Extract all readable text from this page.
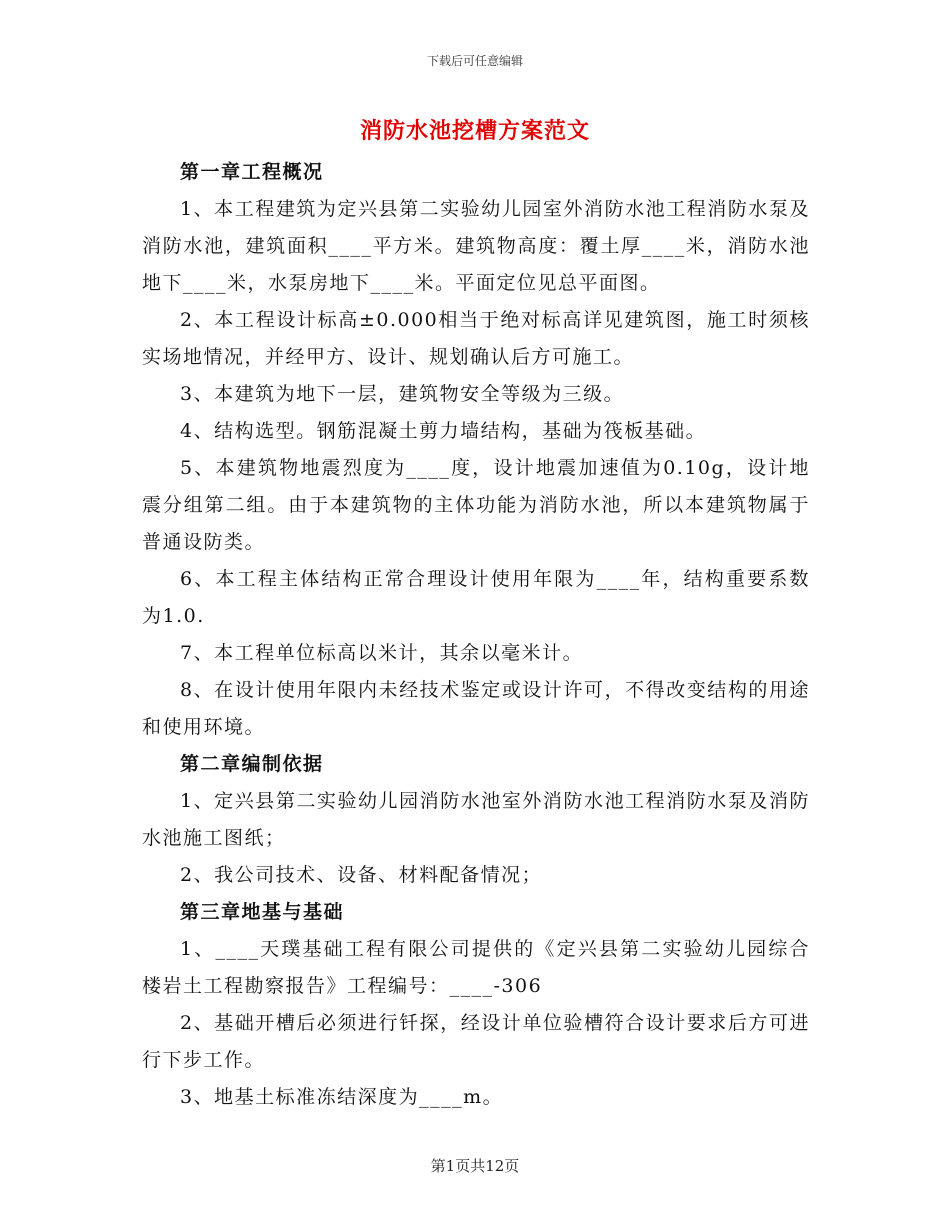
下载后可任意编辑
消防水池挖槽方案范文

第一章工程概况

1、本工程建筑为定兴县第二实验幼儿园室外消防水池工程消防水泵及消防水池，建筑面积____平方米。建筑物高度：覆土厚____米，消防水池地下____米，水泵房地下____米。平面定位见总平面图。

2、本工程设计标高±0.000相当于绝对标高详见建筑图，施工时须核实场地情况，并经甲方、设计、规划确认后方可施工。

3、本建筑为地下一层，建筑物安全等级为三级。

4、结构选型。钢筋混凝土剪力墙结构，基础为筏板基础。

5、本建筑物地震烈度为____度，设计地震加速值为0.10g，设计地震分组第二组。由于本建筑物的主体功能为消防水池，所以本建筑物属于普通设防类。

6、本工程主体结构正常合理设计使用年限为____年，结构重要系数为1.0.

7、本工程单位标高以米计，其余以毫米计。

8、在设计使用年限内未经技术鉴定或设计许可，不得改变结构的用途和使用环境。

第二章编制依据

1、定兴县第二实验幼儿园消防水池室外消防水池工程消防水泵及消防水池施工图纸；

2、我公司技术、设备、材料配备情况；

第三章地基与基础

1、____天璞基础工程有限公司提供的《定兴县第二实验幼儿园综合楼岩土工程勘察报告》工程编号：____-306

2、基础开槽后必须进行钎探，经设计单位验槽符合设计要求后方可进行下步工作。

3、地基土标准冻结深度为____m。

第1页共12页
